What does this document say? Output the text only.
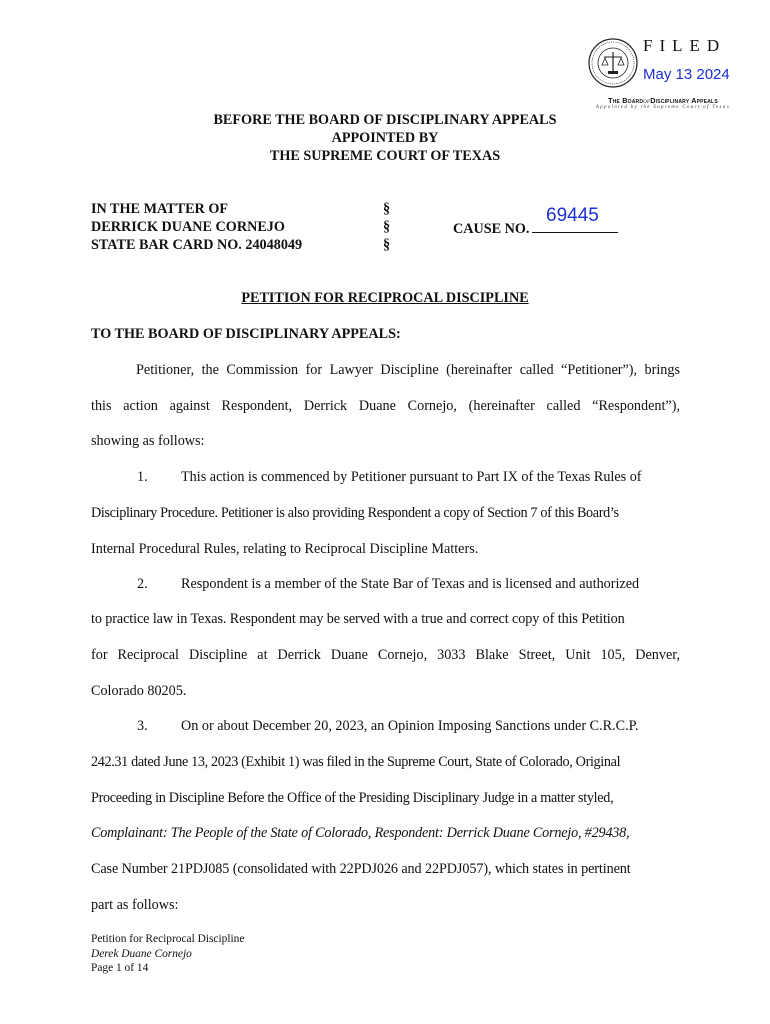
FILED
May 13 2024
The BoardofDisciplinary Appeals
Appointed by the Supreme Court of Texas
BEFORE THE BOARD OF DISCIPLINARY APPEALS
APPOINTED BY
THE SUPREME COURT OF TEXAS
IN THE MATTER OF
DERRICK DUANE CORNEJO
STATE BAR CARD NO. 24048049
§
§
§
CAUSE NO.
69445
PETITION FOR RECIPROCAL DISCIPLINE
TO THE BOARD OF DISCIPLINARY APPEALS:
Petitioner, the Commission for Lawyer Discipline (hereinafter called “Petitioner”), brings
this action against Respondent, Derrick Duane Cornejo, (hereinafter called “Respondent”),
showing as follows:
1. This action is commenced by Petitioner pursuant to Part IX of the Texas Rules of
Disciplinary Procedure. Petitioner is also providing Respondent a copy of Section 7 of this Board’s
Internal Procedural Rules, relating to Reciprocal Discipline Matters.
2. Respondent is a member of the State Bar of Texas and is licensed and authorized
to practice law in Texas. Respondent may be served with a true and correct copy of this Petition
for Reciprocal Discipline at Derrick Duane Cornejo, 3033 Blake Street, Unit 105, Denver,
Colorado 80205.
3. On or about December 20, 2023, an Opinion Imposing Sanctions under C.R.C.P.
242.31 dated June 13, 2023 (Exhibit 1) was filed in the Supreme Court, State of Colorado, Original
Proceeding in Discipline Before the Office of the Presiding Disciplinary Judge in a matter styled,
Complainant: The People of the State of Colorado, Respondent: Derrick Duane Cornejo, #29438,
Case Number 21PDJ085 (consolidated with 22PDJ026 and 22PDJ057), which states in pertinent
part as follows:
Petition for Reciprocal Discipline
Derek Duane Cornejo
Page 1 of 14
